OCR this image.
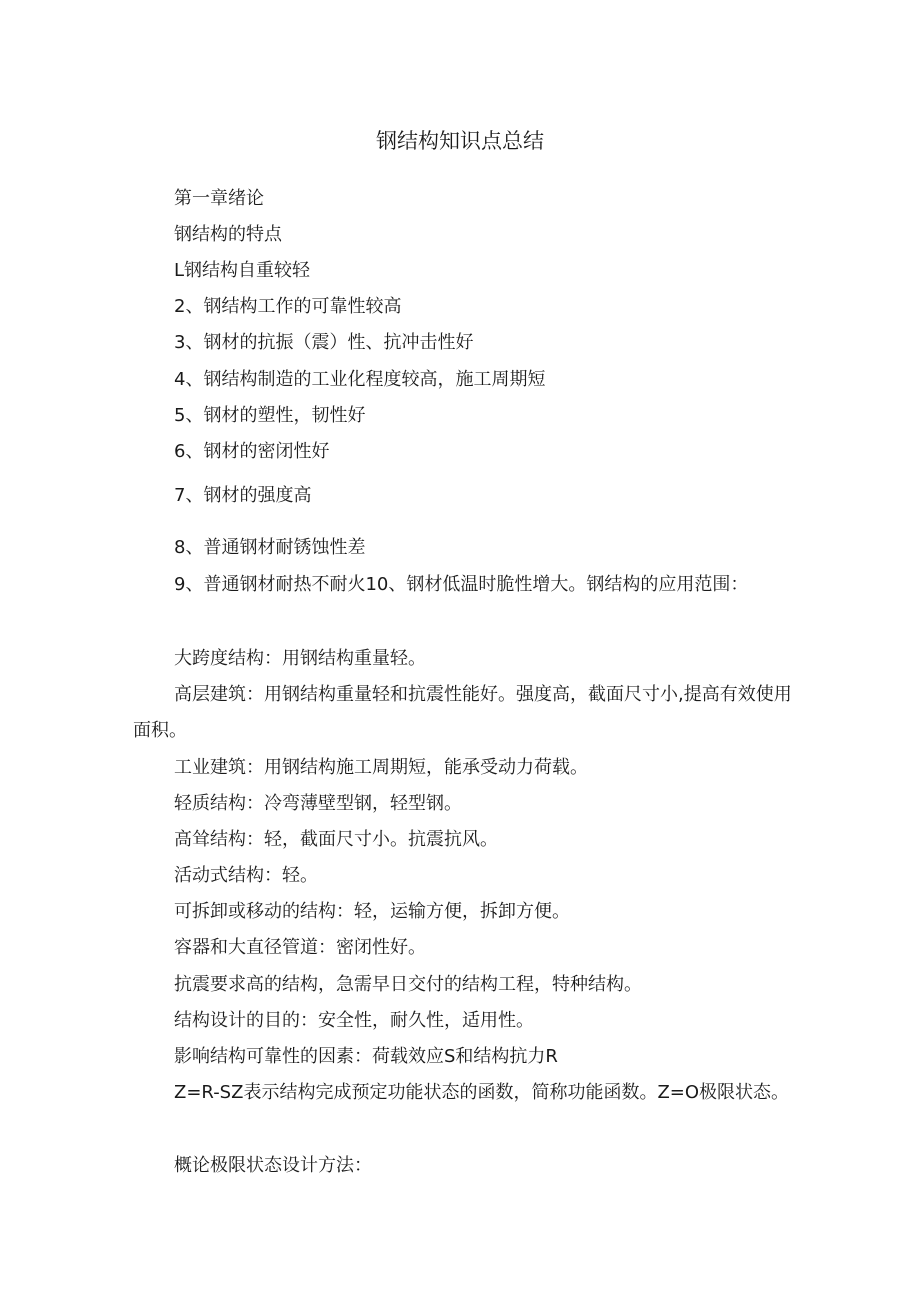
钢结构知识点总结
第一章绪论
钢结构的特点
L钢结构自重较轻
2、钢结构工作的可靠性较高
3、钢材的抗振（震）性、抗冲击性好
4、钢结构制造的工业化程度较高，施工周期短
5、钢材的塑性，韧性好
6、钢材的密闭性好
7、钢材的强度高
8、普通钢材耐锈蚀性差
9、普通钢材耐热不耐火10、钢材低温时脆性增大。钢结构的应用范围：
大跨度结构：用钢结构重量轻。
高层建筑：用钢结构重量轻和抗震性能好。强度高，截面尺寸小,提高有效使用面积。
工业建筑：用钢结构施工周期短，能承受动力荷载。
轻质结构：冷弯薄壁型钢，轻型钢。
高耸结构：轻，截面尺寸小。抗震抗风。
活动式结构：轻。
可拆卸或移动的结构：轻，运输方便，拆卸方便。
容器和大直径管道：密闭性好。
抗震要求高的结构，急需早日交付的结构工程，特种结构。
结构设计的目的：安全性，耐久性，适用性。
影响结构可靠性的因素：荷载效应S和结构抗力R
Z=R-SZ表示结构完成预定功能状态的函数，简称功能函数。Z=O极限状态。
概论极限状态设计方法：
